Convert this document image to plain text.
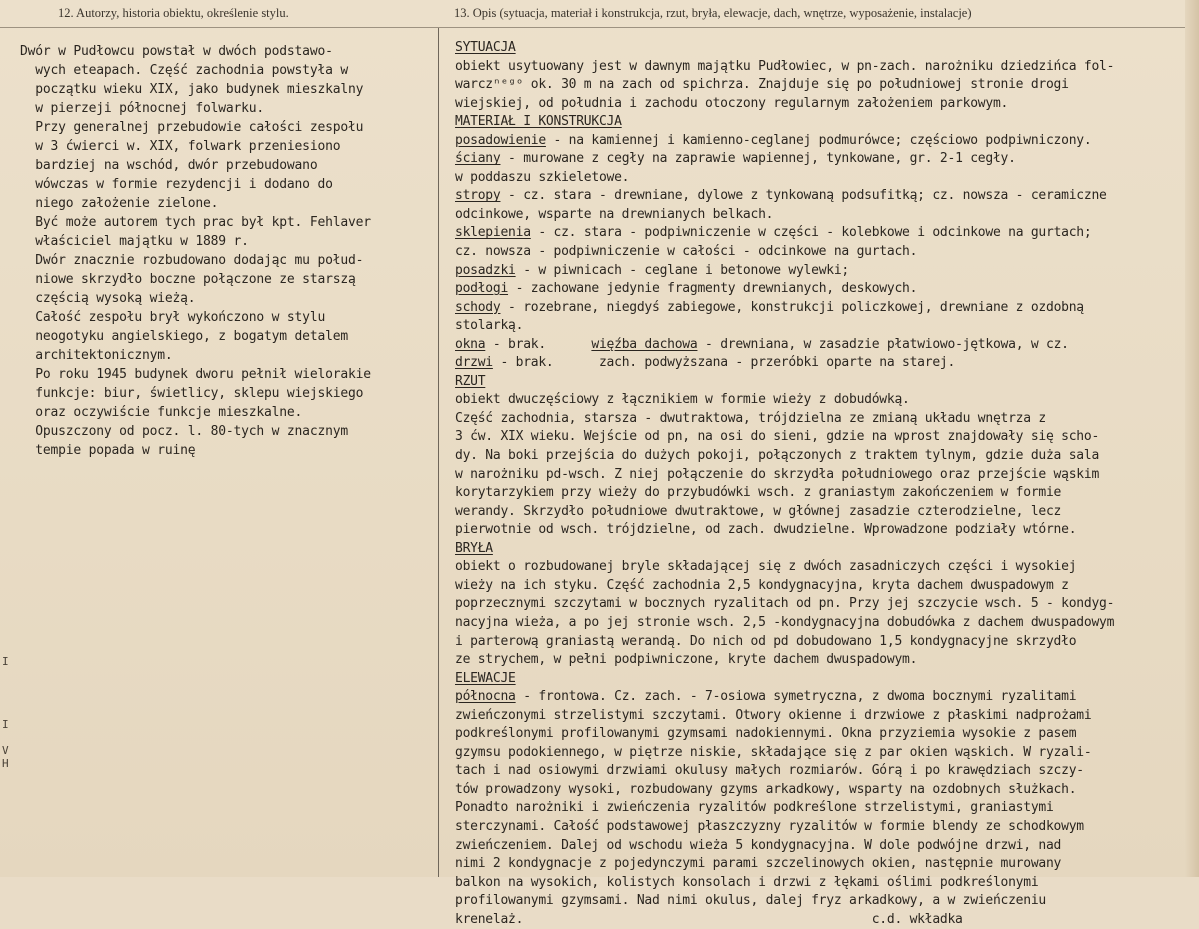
12. Autorzy, historia obiektu, określenie stylu.	13. Opis (sytuacja, materiał i konstrukcja, rzut, bryła, elewacje, dach, wnętrze, wyposażenie, instalacje)
Dwór w Pudłowcu powstał w dwóch podstawo-
wych eteapach. Część zachodnia powstyła w
początku wieku XIX, jako budynek mieszkalny
w pierzeji północnej folwarku.
Przy generalnej przebudowie całości zespołu
w 3 ćwierci w. XIX, folwark przeniesiono
bardziej na wschód, dwór przebudowano
wówczas w formie rezydencji i dodano do
niego założenie zielone.
Być może autorem tych prac był kpt. Fehlaver
właściciel majątku w 1889 r.
Dwór znacznie rozbudowano dodając mu połud-
niowe skrzydło boczne połączone ze starszą
częścią wysoką wieżą.
Całość zespołu brył wykończono w stylu
neogotyku angielskiego, z bogatym detalem
architektonicznym.
Po roku 1945 budynek dworu pełnił wielorakie
funkcje: biur, świetlicy, sklepu wiejskiego
oraz oczywiście funkcje mieszkalne.
Opuszczony od pocz. l. 80-tych w znacznym
tempie popada w ruinę
SYTUACJA
obiekt usytuowany jest w dawnym majątku Pudłowiec, w pn-zach. narożniku dziedzińca fol-
warczⁿᵉᵍᵒ ok. 30 m na zach od spichrza. Znajduje się po południowej stronie drogi
wiejskiej, od południa i zachodu otoczony regularnym założeniem parkowym.
MATERIAŁ I KONSTRUKCJA
posadowienie - na kamiennej i kamienno-ceglanej podmurówce; częściowo podpiwniczony.
ściany - murowane z cegły na zaprawie wapiennej, tynkowane, gr. 2-1 cegły.
w poddaszu szkieletowe.
stropy - cz. stara - drewniane, dylowe z tynkowaną podsufitką; cz. nowsza - ceramiczne
odcinkowe, wsparte na drewnianych belkach.
sklepienia - cz. stara - podpiwniczenie w części - kolebkowe i odcinkowe na gurtach;
cz. nowsza - podpiwniczenie w całości - odcinkowe na gurtach.
posadzki - w piwnicach - ceglane i betonowe wylewki;
podłogi - zachowane jedynie fragmenty drewnianych, deskowych.
schody - rozebrane, niegdyś zabiegowe, konstrukcji policzkowej, drewniane z ozdobną
stolarką.
okna - brak.      więźba dachowa - drewniana, w zasadzie płatwiowo-jętkowa, w cz.
drzwi - brak.      zach. podwyższana - przeróbki oparte na starej.
RZUT
obiekt dwuczęściowy z łącznikiem w formie wieży z dobudówką.
Część zachodnia, starsza - dwutraktowa, trójdzielna ze zmianą układu wnętrza z
3 ćw. XIX wieku. Wejście od pn, na osi do sieni, gdzie na wprost znajdowały się scho-
dy. Na boki przejścia do dużych pokoji, połączonych z traktem tylnym, gdzie duża sala
w narożniku pd-wsch. Z niej połączenie do skrzydła południowego oraz przejście wąskim
korytarzykiem przy wieży do przybudówki wsch. z graniastym zakończeniem w formie
werandy. Skrzydło południowe dwutraktowe, w głównej zasadzie czterodzielne, lecz
pierwotnie od wsch. trójdzielne, od zach. dwudzielne. Wprowadzone podziały wtórne.
BRYŁA
obiekt o rozbudowanej bryle składającej się z dwóch zasadniczych części i wysokiej
wieży na ich styku. Część zachodnia 2,5 kondygnacyjna, kryta dachem dwuspadowym z
poprzecznymi szczytami w bocznych ryzalitach od pn. Przy jej szczycie wsch. 5 - kondyg-
nacyjna wieża, a po jej stronie wsch. 2,5 -kondygnacyjna dobudówka z dachem dwuspadowym
i parterową graniastą werandą. Do nich od pd dobudowano 1,5 kondygnacyjne skrzydło
ze strychem, w pełni podpiwniczone, kryte dachem dwuspadowym.
ELEWACJE
północna - frontowa. Cz. zach. - 7-osiowa symetryczna, z dwoma bocznymi ryzalitami
zwieńczonymi strzelistymi szczytami. Otwory okienne i drzwiowe z płaskimi nadprożami
podkreślonymi profilowanymi gzymsami nadokiennymi. Okna przyziemia wysokie z pasem
gzymsu podokiennego, w piętrze niskie, składające się z par okien wąskich. W ryzali-
tach i nad osiowymi drzwiami okulusy małych rozmiarów. Górą i po krawędziach szczy-
tów prowadzony wysoki, rozbudowany gzyms arkadkowy, wsparty na ozdobnych służkach.
Ponadto narożniki i zwieńczenia ryzalitów podkreślone strzelistymi, graniastymi
sterczynami. Całość podstawowej płaszczyzny ryzalitów w formie blendy ze schodkowym
zwieńczeniem. Dalej od wschodu wieża 5 kondygnacyjna. W dole podwójne drzwi, nad
nimi 2 kondygnacje z pojedynczymi parami szczelinowych okien, następnie murowany
balkon na wysokich, kolistych konsolach i drzwi z łękami oślimi podkreślonymi
profilowanymi gzymsami. Nad nimi okulus, dalej fryz arkadkowy, a w zwieńczeniu
krenelaż.                                              c.d. wkładka
I
I
V
H
